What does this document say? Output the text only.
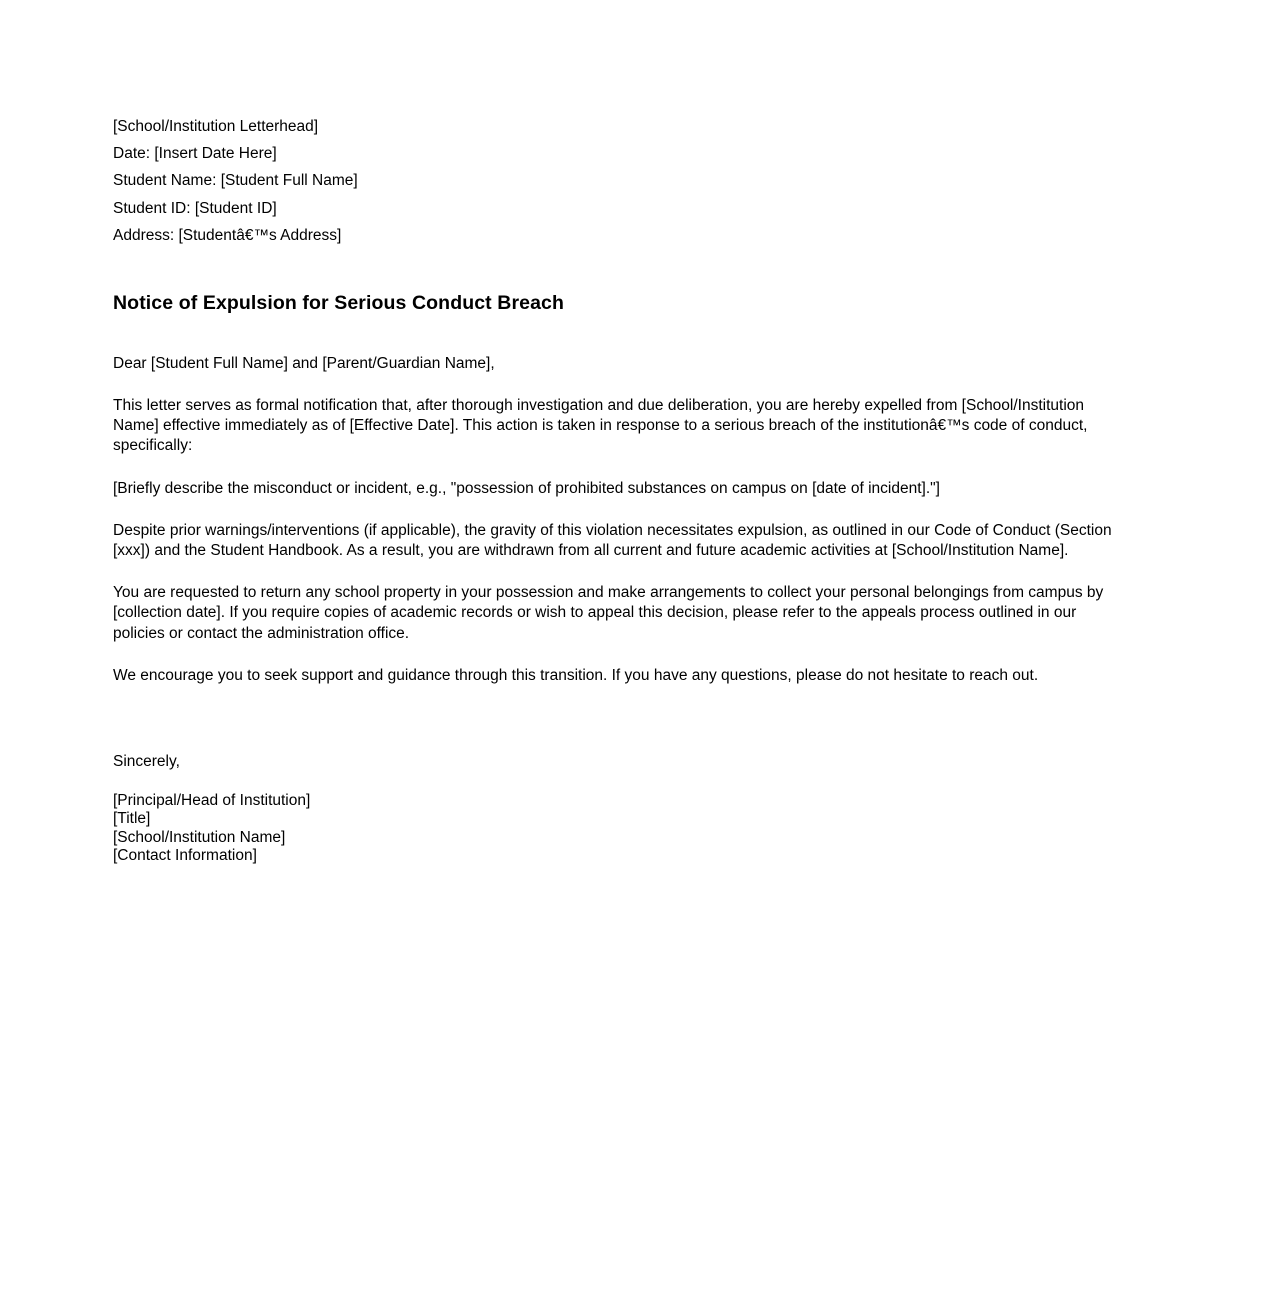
[School/Institution Letterhead]
Date: [Insert Date Here]
Student Name: [Student Full Name]
Student ID: [Student ID]
Address: [Studentâ€™s Address]
Notice of Expulsion for Serious Conduct Breach

Dear [Student Full Name] and [Parent/Guardian Name],

This letter serves as formal notification that, after thorough investigation and due deliberation, you are hereby expelled from [School/Institution Name] effective immediately as of [Effective Date]. This action is taken in response to a serious breach of the institutionâ€™s code of conduct, specifically:

[Briefly describe the misconduct or incident, e.g., "possession of prohibited substances on campus on [date of incident]."]

Despite prior warnings/interventions (if applicable), the gravity of this violation necessitates expulsion, as outlined in our Code of Conduct (Section [xxx]) and the Student Handbook. As a result, you are withdrawn from all current and future academic activities at [School/Institution Name].

You are requested to return any school property in your possession and make arrangements to collect your personal belongings from campus by [collection date]. If you require copies of academic records or wish to appeal this decision, please refer to the appeals process outlined in our policies or contact the administration office.

We encourage you to seek support and guidance through this transition. If you have any questions, please do not hesitate to reach out.

Sincerely,

[Principal/Head of Institution]
[Title]
[School/Institution Name]
[Contact Information]
